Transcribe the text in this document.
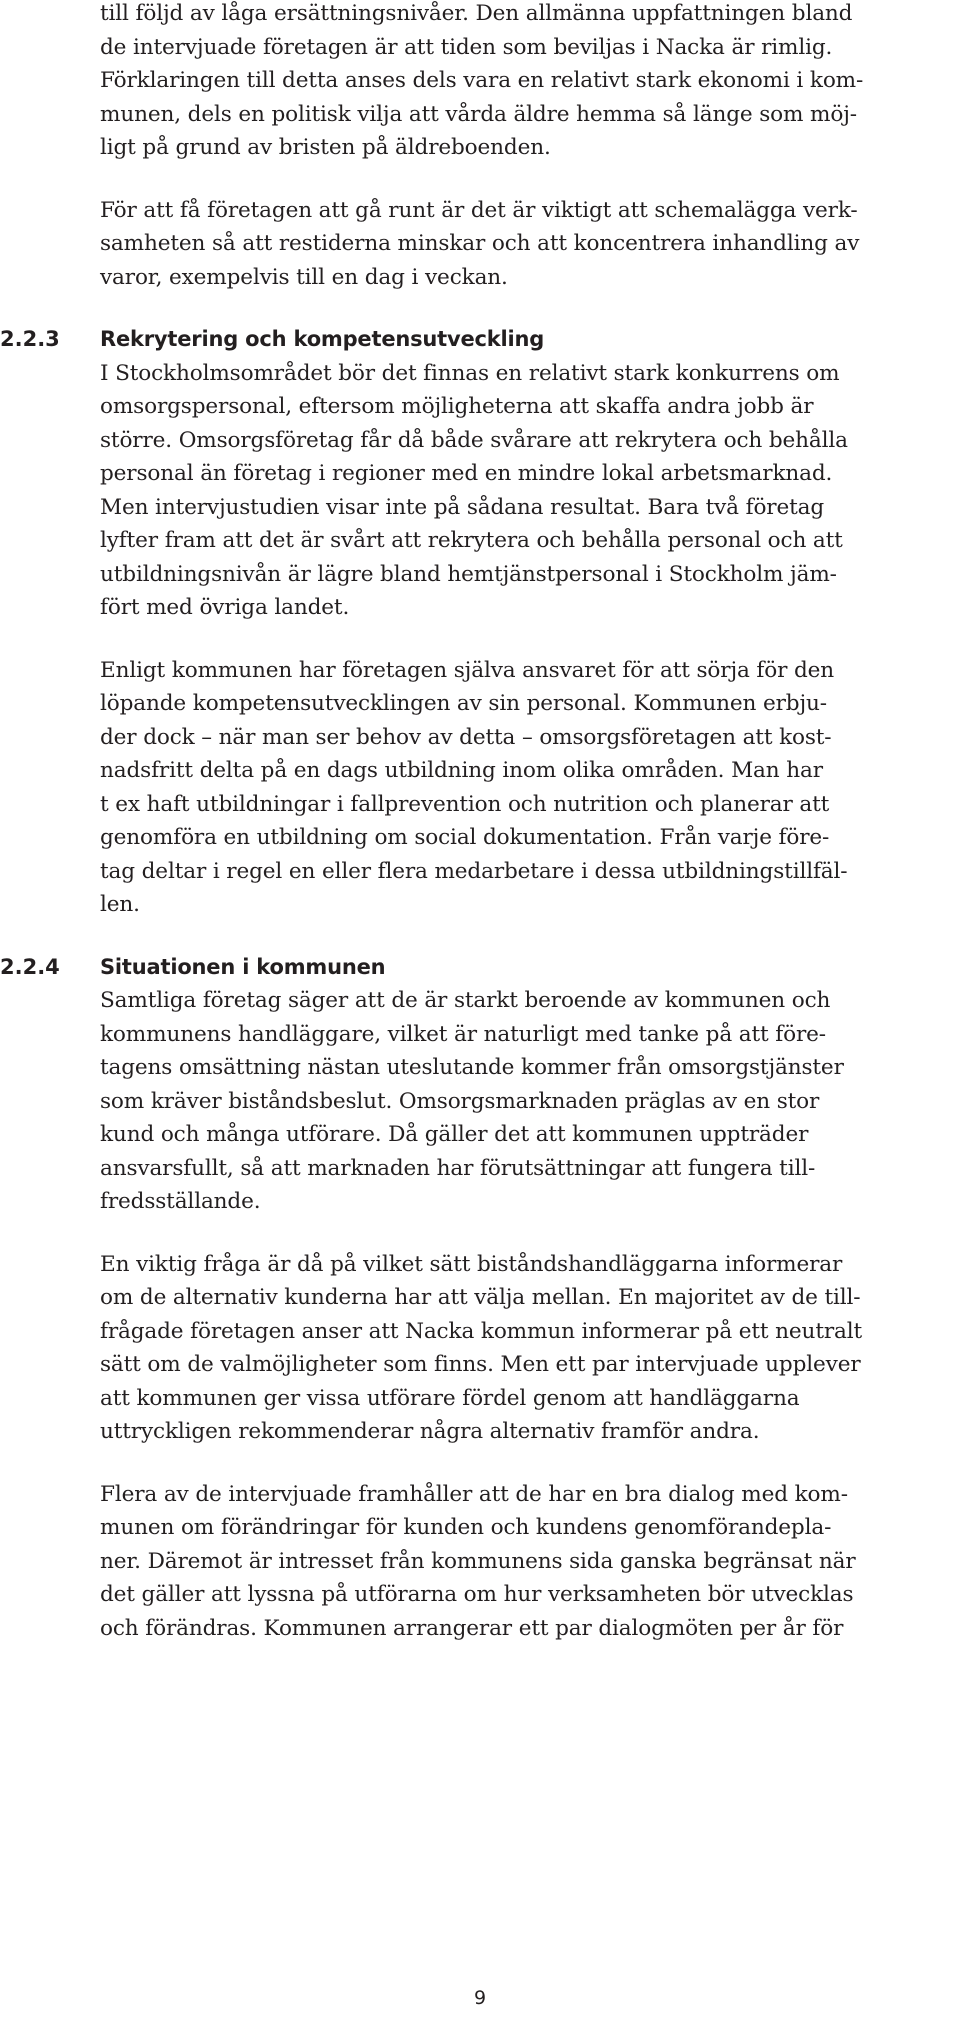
till följd av låga ersättningsnivåer. Den allmänna uppfattningen bland
de intervjuade företagen är att tiden som beviljas i Nacka är rimlig.
Förklaringen till detta anses dels vara en relativt stark ekonomi i kom-
munen, dels en politisk vilja att vårda äldre hemma så länge som möj-
ligt på grund av bristen på äldreboenden.

För att få företagen att gå runt är det är viktigt att schemalägga verk-
samheten så att restiderna minskar och att koncentrera inhandling av
varor, exempelvis till en dag i veckan.

2.2.3	Rekrytering och kompetensutveckling

I Stockholmsområdet bör det finnas en relativt stark konkurrens om
omsorgspersonal, eftersom möjligheterna att skaffa andra jobb är
större. Omsorgsföretag får då både svårare att rekrytera och behålla
personal än företag i regioner med en mindre lokal arbetsmarknad.
Men intervjustudien visar inte på sådana resultat. Bara två företag
lyfter fram att det är svårt att rekrytera och behålla personal och att
utbildningsnivån är lägre bland hemtjänstpersonal i Stockholm jäm-
fört med övriga landet.

Enligt kommunen har företagen själva ansvaret för att sörja för den
löpande kompetensutvecklingen av sin personal. Kommunen erbju-
der dock – när man ser behov av detta – omsorgsföretagen att kost-
nadsfritt delta på en dags utbildning inom olika områden. Man har
t ex haft utbildningar i fallprevention och nutrition och planerar att
genomföra en utbildning om social dokumentation. Från varje före-
tag deltar i regel en eller flera medarbetare i dessa utbildningstillfäl-
len.

2.2.4	Situationen i kommunen

Samtliga företag säger att de är starkt beroende av kommunen och
kommunens handläggare, vilket är naturligt med tanke på att före-
tagens omsättning nästan uteslutande kommer från omsorgstjänster
som kräver biståndsbeslut. Omsorgsmarknaden präglas av en stor
kund och många utförare. Då gäller det att kommunen uppträder
ansvarsfullt, så att marknaden har förutsättningar att fungera till-
fredsställande.

En viktig fråga är då på vilket sätt biståndshandläggarna informerar
om de alternativ kunderna har att välja mellan. En majoritet av de till-
frågade företagen anser att Nacka kommun informerar på ett neutralt
sätt om de valmöjligheter som finns. Men ett par intervjuade upplever
att kommunen ger vissa utförare fördel genom att handläggarna
uttryckligen rekommenderar några alternativ framför andra.

Flera av de intervjuade framhåller att de har en bra dialog med kom-
munen om förändringar för kunden och kundens genomförandepla-
ner. Däremot är intresset från kommunens sida ganska begränsat när
det gäller att lyssna på utförarna om hur verksamheten bör utvecklas
och förändras. Kommunen arrangerar ett par dialogmöten per år för

9
